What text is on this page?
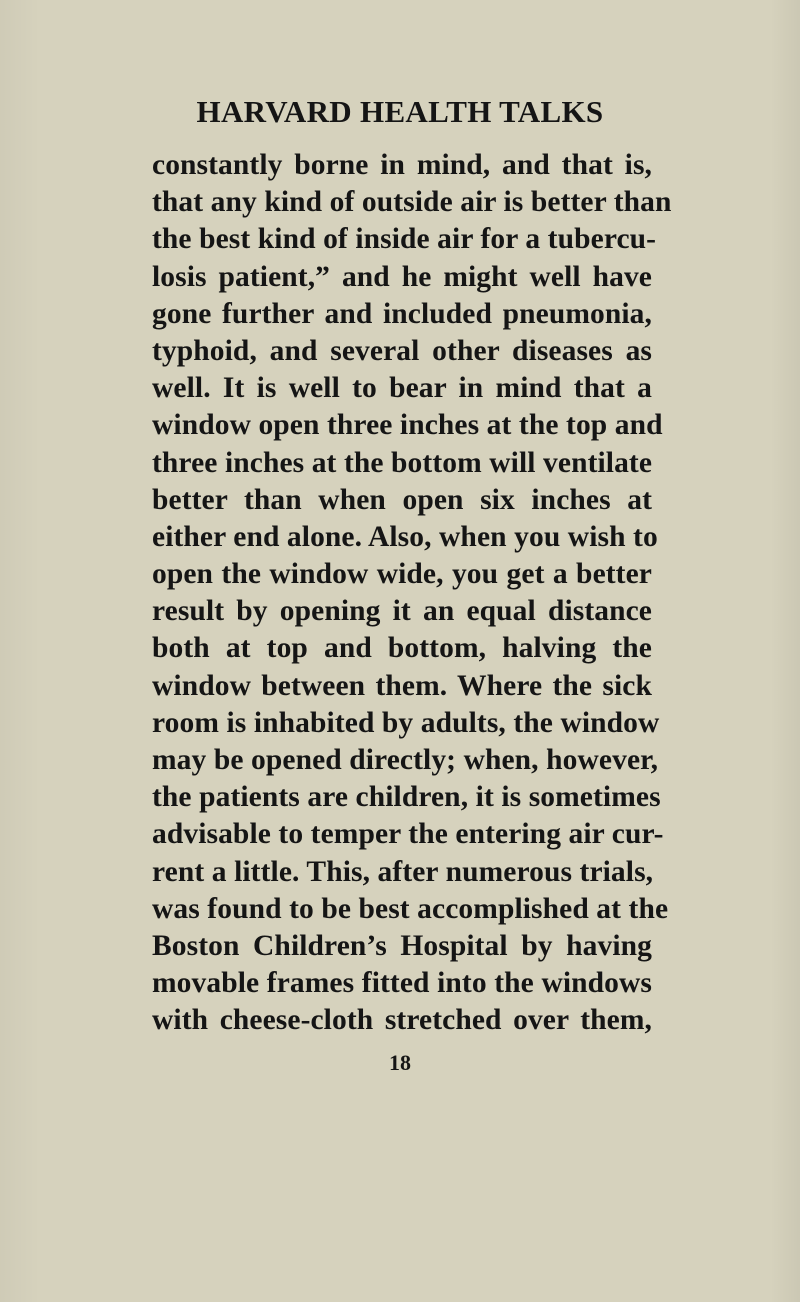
HARVARD HEALTH TALKS
constantly borne in mind, and that is,
that any kind of outside air is better than
the best kind of inside air for a tubercu-
losis patient,” and he might well have
gone further and included pneumonia,
typhoid, and several other diseases as
well. It is well to bear in mind that a
window open three inches at the top and
three inches at the bottom will ventilate
better than when open six inches at
either end alone. Also, when you wish to
open the window wide, you get a better
result by opening it an equal distance
both at top and bottom, halving the
window between them. Where the sick
room is inhabited by adults, the window
may be opened directly; when, however,
the patients are children, it is sometimes
advisable to temper the entering air cur-
rent a little. This, after numerous trials,
was found to be best accomplished at the
Boston Children’s Hospital by having
movable frames fitted into the windows
with cheese-cloth stretched over them,
18
